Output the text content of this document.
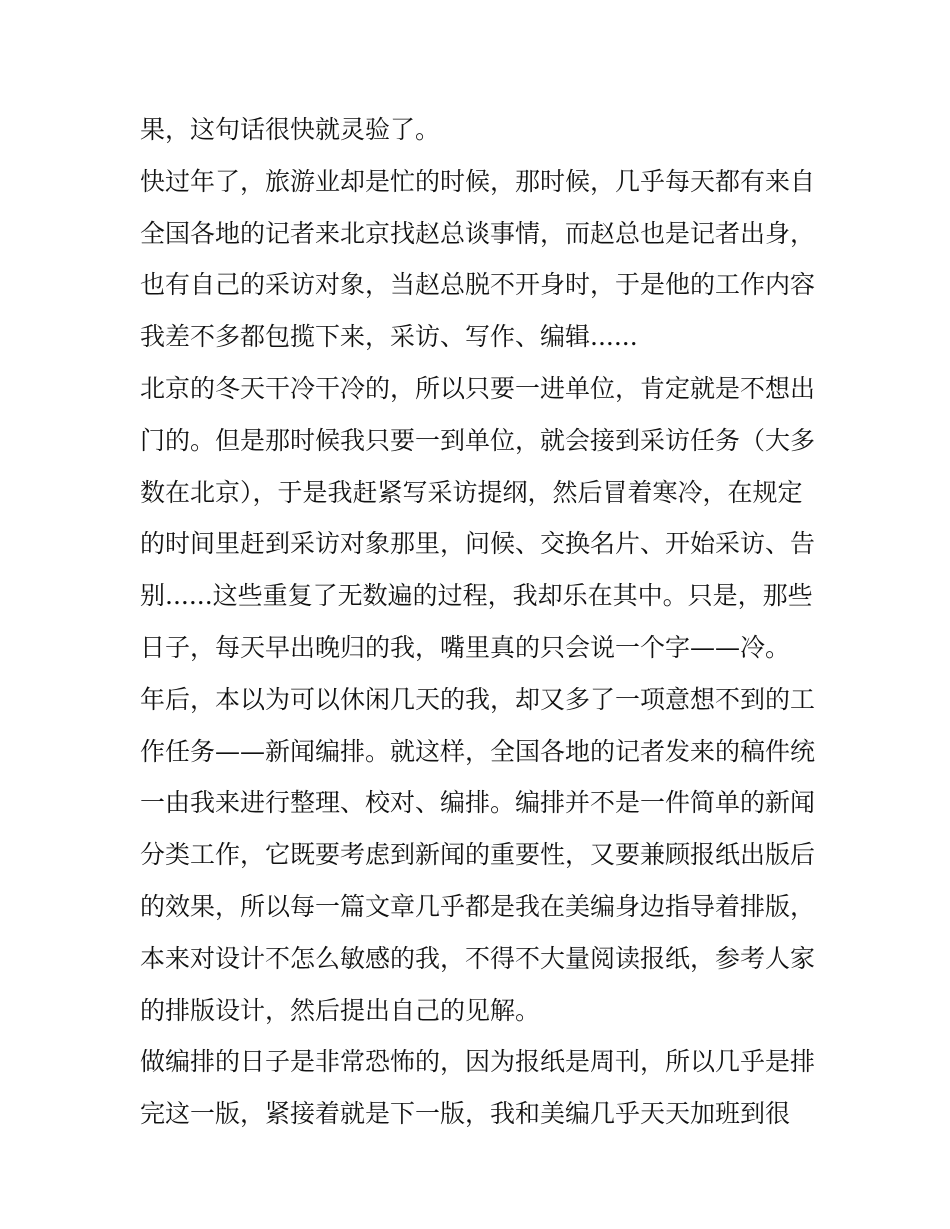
果，这句话很快就灵验了。
快过年了，旅游业却是忙的时候，那时候，几乎每天都有来自
全国各地的记者来北京找赵总谈事情，而赵总也是记者出身，
也有自己的采访对象，当赵总脱不开身时，于是他的工作内容
我差不多都包揽下来，采访、写作、编辑......
北京的冬天干冷干冷的，所以只要一进单位，肯定就是不想出
门的。但是那时候我只要一到单位，就会接到采访任务（大多
数在北京），于是我赶紧写采访提纲，然后冒着寒冷，在规定
的时间里赶到采访对象那里，问候、交换名片、开始采访、告
别......这些重复了无数遍的过程，我却乐在其中。只是，那些
日子，每天早出晚归的我，嘴里真的只会说一个字——冷。
年后，本以为可以休闲几天的我，却又多了一项意想不到的工
作任务——新闻编排。就这样，全国各地的记者发来的稿件统
一由我来进行整理、校对、编排。编排并不是一件简单的新闻
分类工作，它既要考虑到新闻的重要性，又要兼顾报纸出版后
的效果，所以每一篇文章几乎都是我在美编身边指导着排版，
本来对设计不怎么敏感的我，不得不大量阅读报纸，参考人家
的排版设计，然后提出自己的见解。
做编排的日子是非常恐怖的，因为报纸是周刊，所以几乎是排
完这一版，紧接着就是下一版，我和美编几乎天天加班到很
